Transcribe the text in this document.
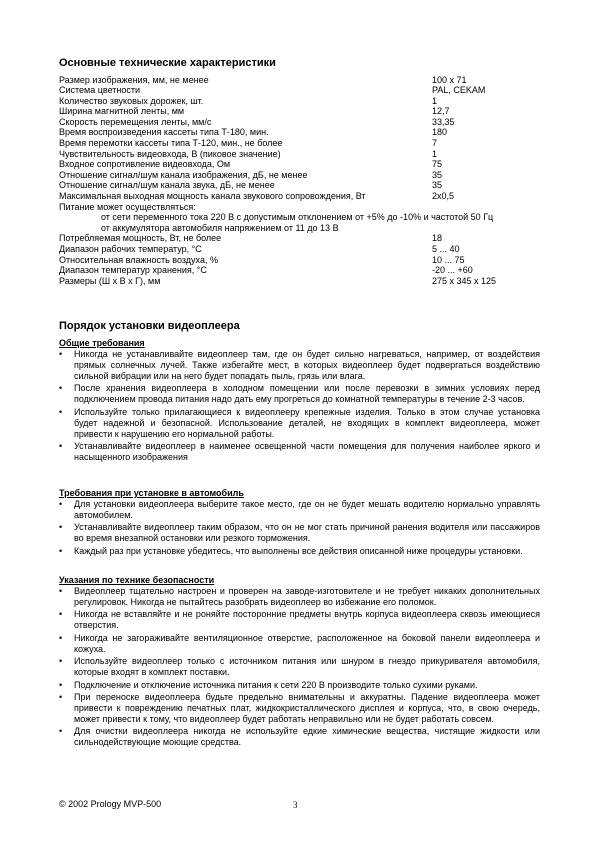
Основные технические характеристики
Размер изображения, мм, не менее	100 x 71
Система цветности	PAL, CEKAM
Количество звуковых дорожек, шт.	1
Ширина магнитной ленты, мм	12,7
Скорость перемещения ленты, мм/с	33,35
Время воспроизведения кассеты типа Т-180, мин.	180
Время перемотки кассеты типа Т-120, мин., не более	7
Чувствительность видеовхода, В (пиковое значение)	1
Входное сопротивление видеовхода, Ом	75
Отношение сигнал/шум канала изображения, дБ, не менее	35
Отношение сигнал/шум канала звука, дБ, не менее	35
Максимальная выходная мощность канала звукового сопровождения, Вт	2x0,5
Питание может осуществляться:
от сети переменного тока 220 В с допустимым отклонением от +5% до -10% и частотой 50 Гц
от аккумулятора автомобиля напряжением от 11 до 13 В
Потребляемая мощность, Вт, не более	18
Диапазон рабочих температур, °С	5 ... 40
Относительная влажность воздуха, %	10 ... 75
Диапазон температур хранения, °С	-20 ... +60
Размеры (Ш х В х Г), мм	275 x 345 x 125
Порядок установки видеоплеера

Общие требования

• Никогда не устанавливайте видеоплеер там, где он будет сильно нагреваться, например, от воздействия прямых солнечных лучей. Также избегайте мест, в которых видеоплеер будет подвергаться воздействию сильной вибрации или на него будет попадать пыль, грязь или влага.
• После хранения видеоплеера в холодном помещении или после перевозки в зимних условиях перед подключением провода питания надо дать ему прогреться до комнатной температуры в течение 2-3 часов.
• Используйте только прилагающиеся к видеоплееру крепежные изделия. Только в этом случае установка будет надежной и безопасной. Использование деталей, не входящих в комплект видеоплеера, может привести к нарушению его нормальной работы.
• Устанавливайте видеоплеер в наименее освещенной части помещения для получения наиболее яркого и насыщенного изображения

Требования при установке в автомобиль

• Для установки видеоплеера выберите такое место, где он не будет мешать водителю нормально управлять автомобилем.
• Устанавливайте видеоплеер таким образом, что он не мог стать причиной ранения водителя или пассажиров во время внезапной остановки или резкого торможения.
• Каждый раз при установке убедитесь, что выполнены все действия описанной ниже процедуры установки.

Указания по технике безопасности

• Видеоплеер тщательно настроен и проверен на заводе-изготовителе и не требует никаких дополнительных регулировок. Никогда не пытайтесь разобрать видеоплеер во избежание его поломок.
• Никогда не вставляйте и не роняйте посторонние предметы внутрь корпуса видеоплеера сквозь имеющиеся отверстия.
• Никогда не загораживайте вентиляционное отверстие, расположенное на боковой панели видеоплеера и кожуха.
• Используйте видеоплеер только с источником питания или шнуром в гнездо прикуривателя автомобиля, которые входят в комплект поставки.
• Подключение и отключение источника питания к сети 220 В производите только сухими руками.
• При переноске видеоплеера будьте предельно внимательны и аккуратны. Падение видеоплеера может привести к повреждению печатных плат, жидкокристаллического дисплея и корпуса, что, в свою очередь, может привести к тому, что видеоплеер будет работать неправильно или не будет работать совсем.
• Для очистки видеоплеера никогда не используйте едкие химические вещества, чистящие жидкости или сильнодействующие моющие средства.
© 2002 Prology MVP-500	3
